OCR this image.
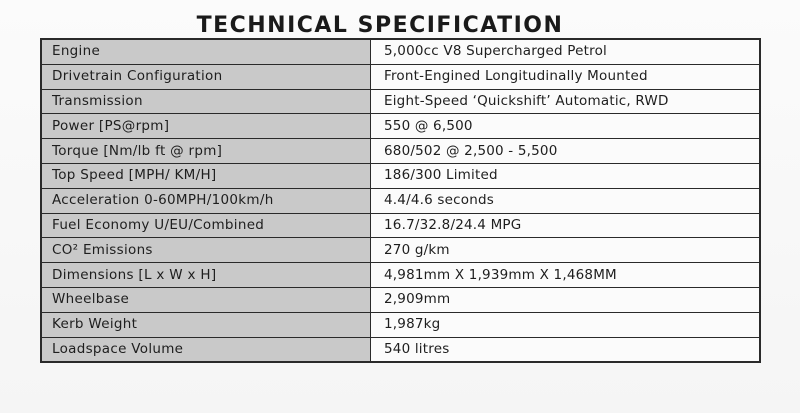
TECHNICAL SPECIFICATION
Engine	5,000cc V8 Supercharged Petrol
Drivetrain Configuration	Front-Engined Longitudinally Mounted
Transmission	Eight-Speed ‘Quickshift’ Automatic, RWD
Power [PS@rpm]	550 @ 6,500
Torque [Nm/lb ft @ rpm]	680/502 @ 2,500 - 5,500
Top Speed [MPH/ KM/H]	186/300 Limited
Acceleration 0-60MPH/100km/h	4.4/4.6 seconds
Fuel Economy U/EU/Combined	16.7/32.8/24.4 MPG
CO² Emissions	270 g/km
Dimensions [L x W x H]	4,981mm X 1,939mm X 1,468MM
Wheelbase	2,909mm
Kerb Weight	1,987kg
Loadspace Volume	540 litres
